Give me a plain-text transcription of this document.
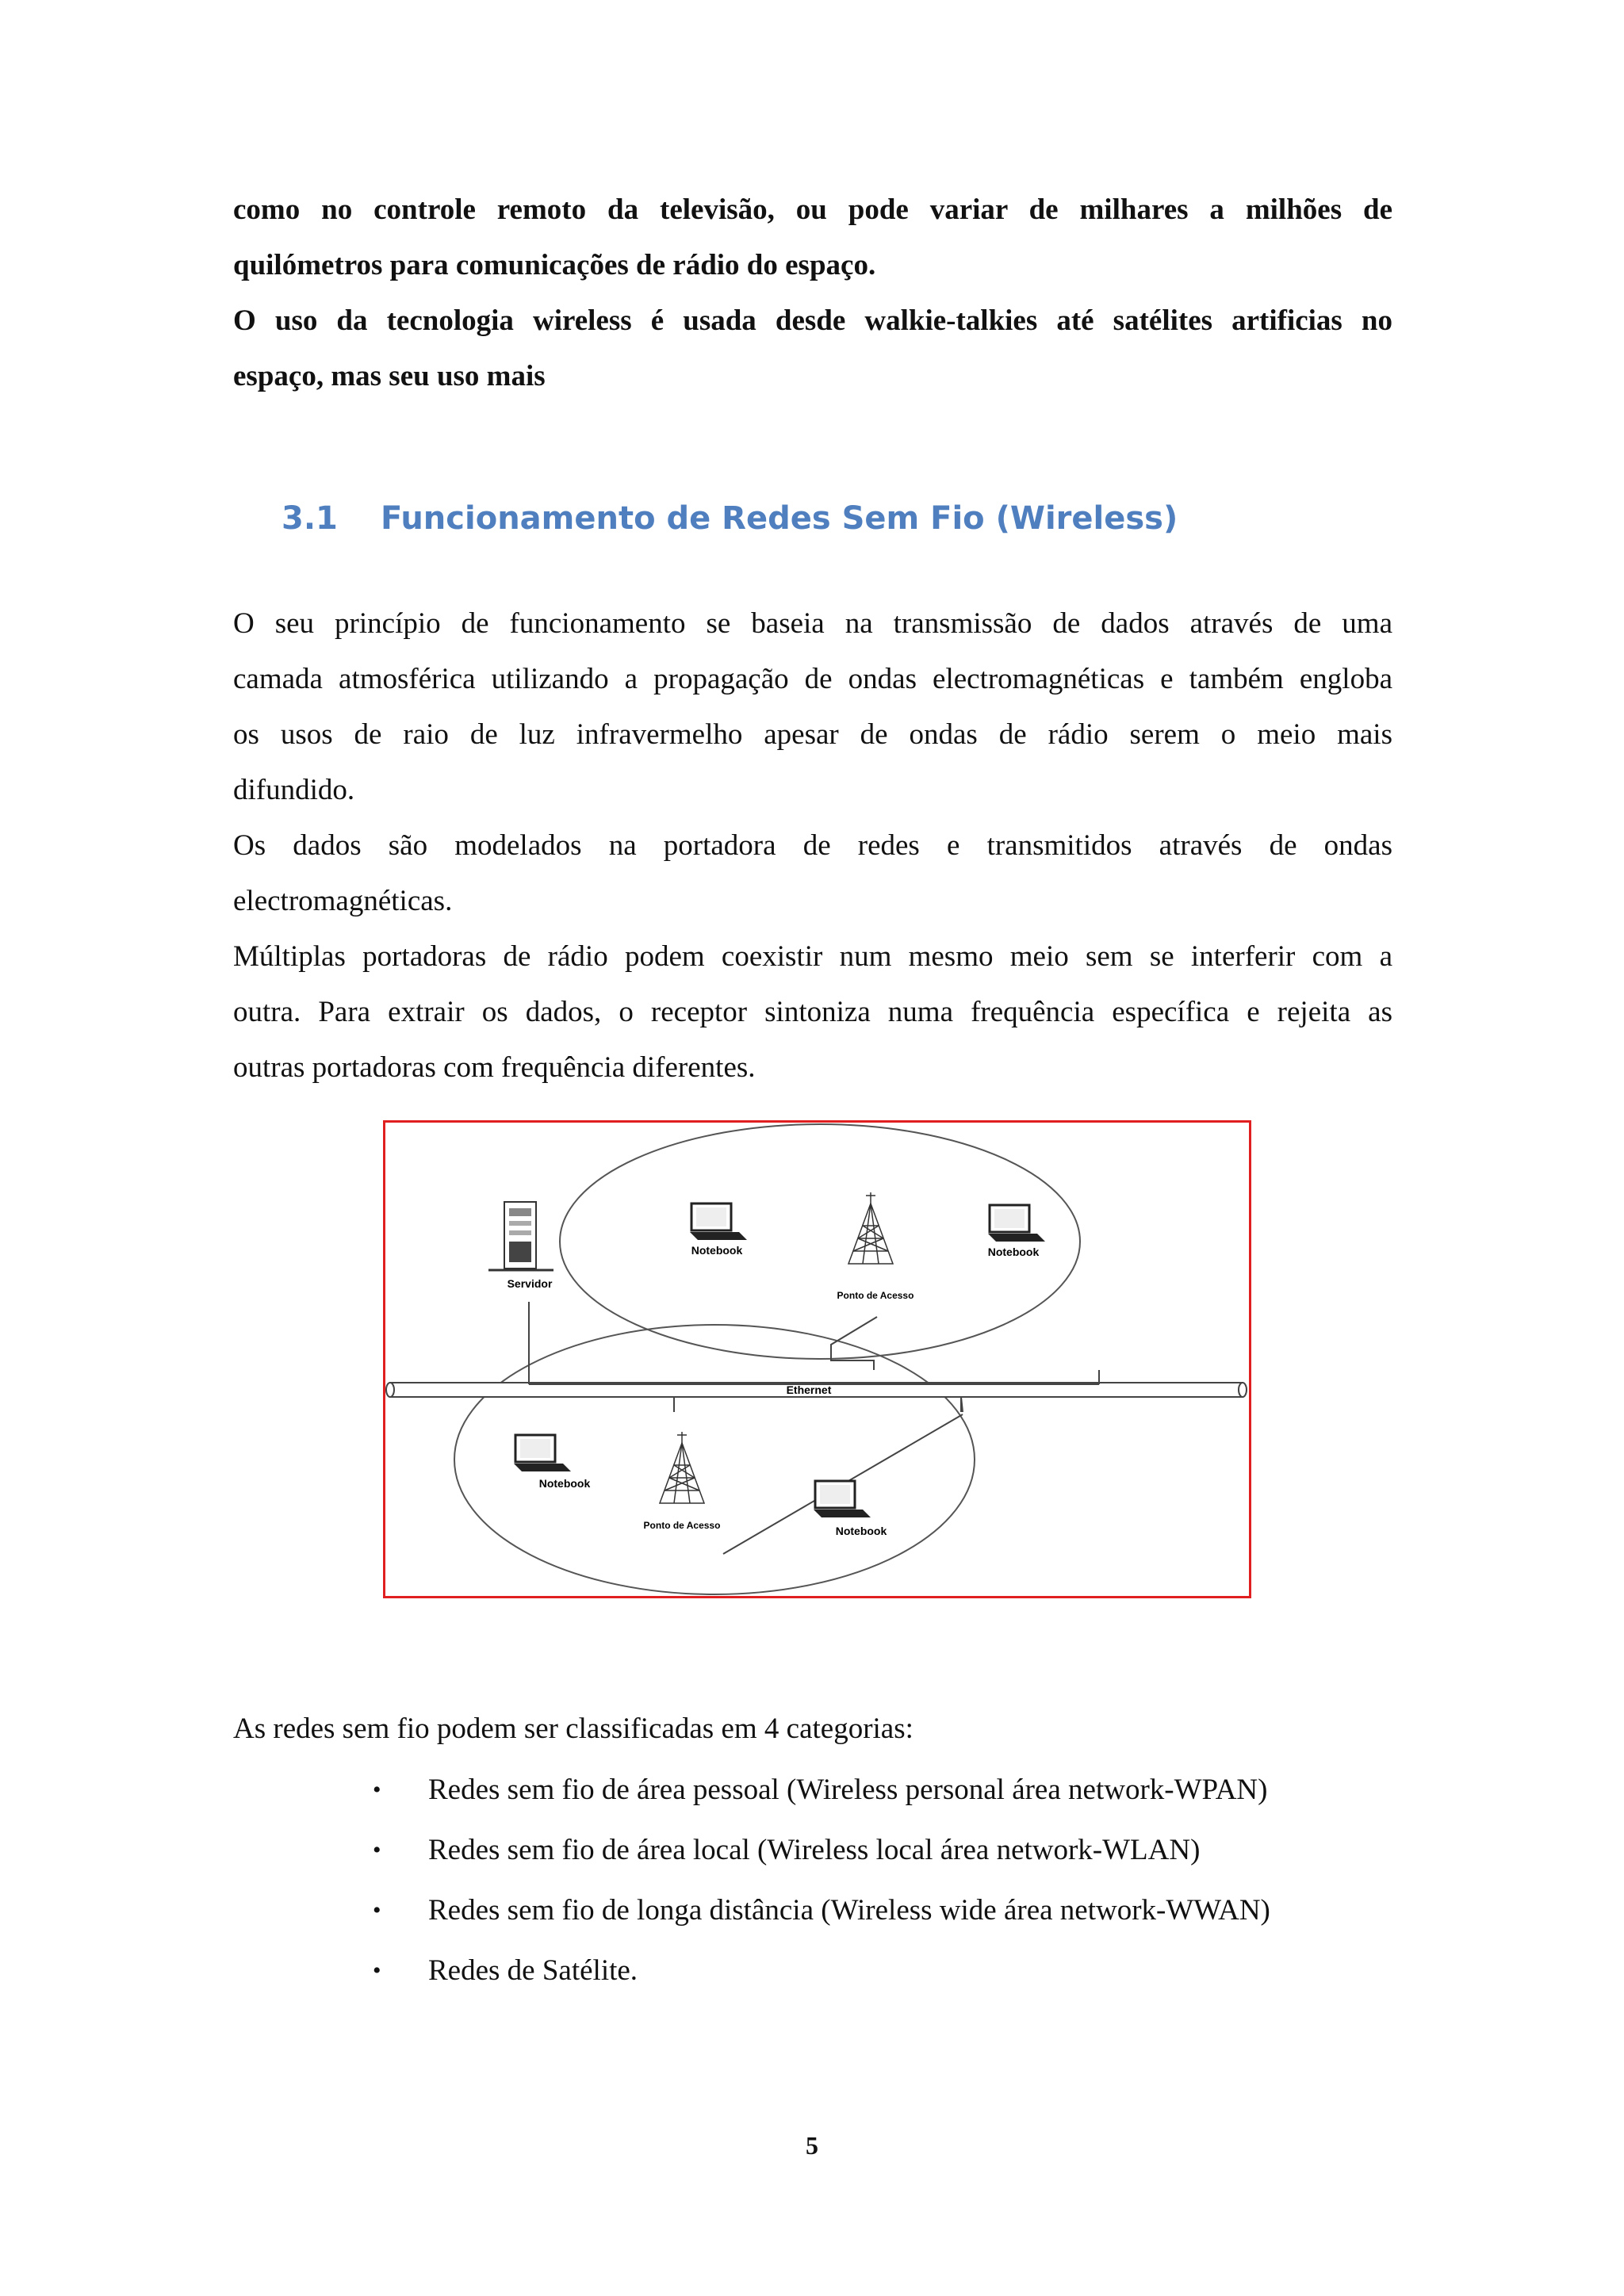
como no controle remoto da televisão, ou pode variar de milhares a milhões de

quilómetros para comunicações de rádio do espaço.

O uso da tecnologia wireless é usada desde walkie-talkies até satélites artificias no

espaço, mas seu uso mais

3.1 Funcionamento de Redes Sem Fio (Wireless)

O seu princípio de funcionamento se baseia na transmissão de dados através de uma

camada atmosférica utilizando a propagação de ondas electromagnéticas e também engloba

os usos de raio de luz infravermelho apesar de ondas de rádio serem o meio mais

difundido.

Os dados são modelados na portadora de redes e transmitidos através de ondas

electromagnéticas.

Múltiplas portadoras de rádio podem coexistir num mesmo meio sem se interferir com a

outra. Para extrair os dados, o receptor sintoniza numa frequência específica e rejeita as

outras portadoras com frequência diferentes.

Ethernet
Servidor
Notebook
Ponto de Acesso
Notebook
Notebook
Ponto de Acesso	Notebook
As redes sem fio podem ser classificadas em 4 categorias:
•	Redes sem fio de área pessoal (Wireless personal área network-WPAN)
•	Redes sem fio de área local (Wireless local área network-WLAN)
•	Redes sem fio de longa distância (Wireless wide área network-WWAN)
•	Redes de Satélite.
5
